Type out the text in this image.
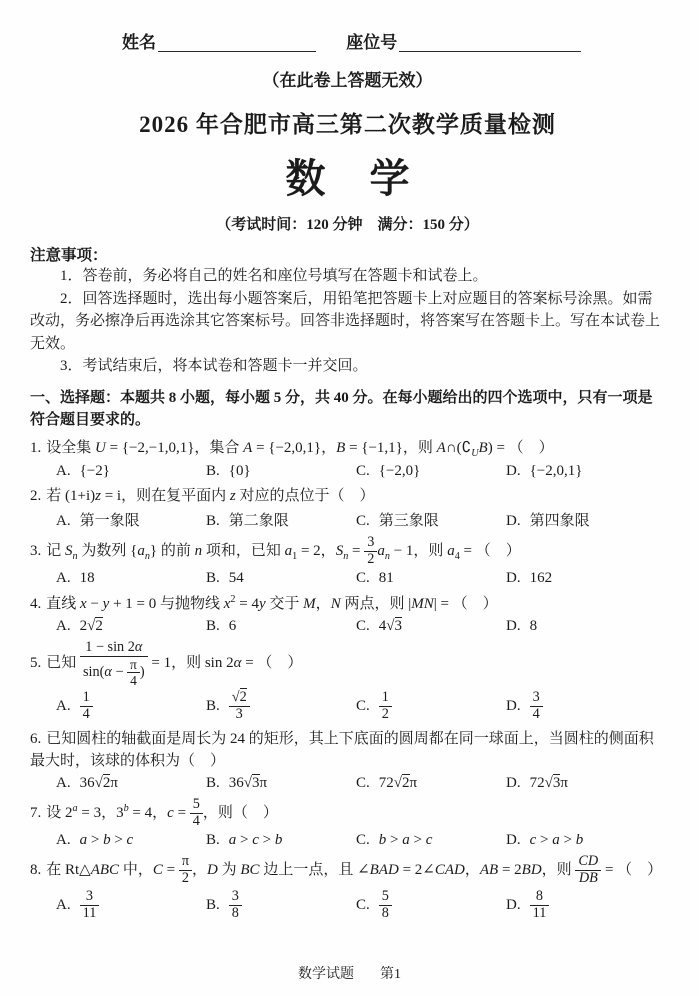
姓名	座位号
（在此卷上答题无效）
2026 年合肥市高三第二次教学质量检测
数学
（考试时间：120 分钟　满分：150 分）
注意事项：

1．答卷前，务必将自己的姓名和座位号填写在答题卡和试卷上。

2．回答选择题时，选出每小题答案后，用铅笔把答题卡上对应题目的答案标号涂黑。如需改动，务必擦净后再选涂其它答案标号。回答非选择题时，将答案写在答题卡上。写在本试卷上无效。

3．考试结束后，将本试卷和答题卡一并交回。

一、选择题：本题共 8 小题，每小题 5 分，共 40 分。在每小题给出的四个选项中，只有一项是符合题目要求的。
1. 设全集 U = {−2,−1,0,1}，集合 A = {−2,0,1}，B = {−1,1}，则 $A\cap(∁_UB)$ = （　）
A. {−2}	B. {0}	C. {−2,0}	D. {−2,0,1}
2. 若 (1+i)z = i，则在复平面内 z 对应的点位于（　）
A. 第一象限	B. 第二象限	C. 第三象限	D. 第四象限
3. 记 $S_n$ 为数列 $\{a_n\}$ 的前 n 项和，已知 $a_1 = 2$，$S_n = \frac{3}{2} a_n - 1$，则 $a_4$ = （　）
A. 18	B. 54	C. 81	D. 162
4. 直线 x − y + 1 = 0 与抛物线 $x^2 = 4y$ 交于 M，N 两点，则 |MN| = （　）
A. 2√2	B. 6	C. 4√3	D. 8
5. 已知 $\frac{1 - \sin 2\alpha}{\sin(\alpha - \frac{\pi}{4} )} = 1$，则 sin 2α = （　）
A. $\frac{1}{4}$	B. $\frac{√2}{3}$	C. $\frac{1}{2}$	D. $\frac{3}{4}$
6. 已知圆柱的轴截面是周长为 24 的矩形，其上下底面的圆周都在同一球面上，当圆柱的侧面积最大时，该球的体积为（　）
A. 36√2π	B. 36√3π	C. 72√2π	D. 72√3π
7. 设 $2^a = 3$，$3^b = 4$，$c = \frac{5}{4}$ ，则（　）
A. a > b > c	B. a > c > b	C. b > a > c	D. c > a > b
8. 在 Rt△ABC 中，$C = \frac{\pi}{2}$ ，D 为 BC 边上一点，且 ∠BAD = 2∠CAD，AB = 2BD，则 $\frac{CD}{DB}$ = （　）
A. $\frac{3}{11}$	B. $\frac{3}{8}$	C. $\frac{5}{8}$	D. $\frac{8}{11}$
数学试题 第1
